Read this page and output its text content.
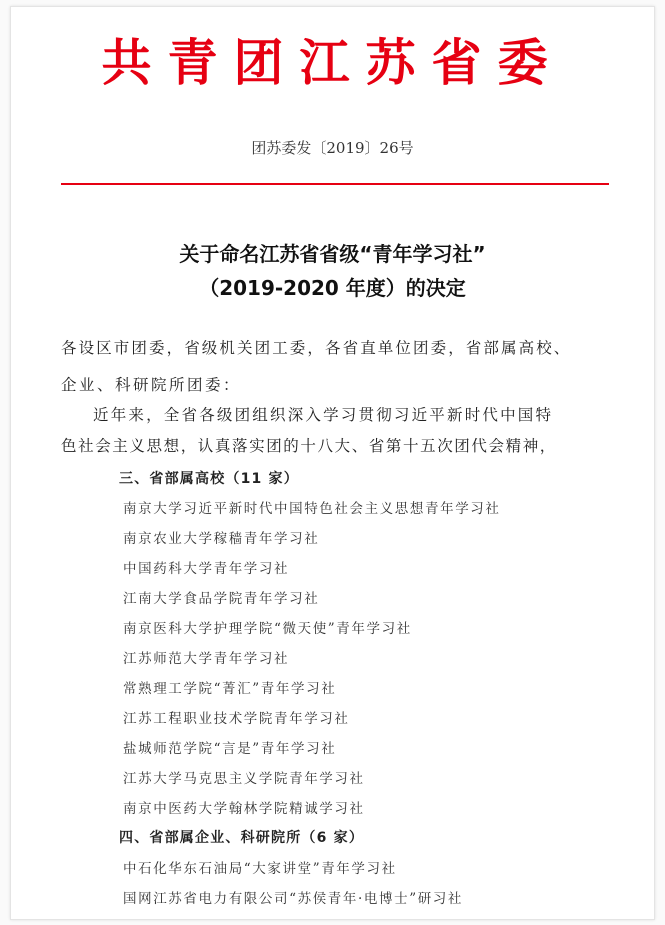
共青团江苏省委
团苏委发〔2019〕26号
关于命名江苏省省级“青年学习社”
（2019-2020 年度）的决定
各设区市团委，省级机关团工委，各省直单位团委，省部属高校、
企业、科研院所团委：
近年来，全省各级团组织深入学习贯彻习近平新时代中国特
色社会主义思想，认真落实团的十八大、省第十五次团代会精神，
三、省部属高校（11 家）
南京大学习近平新时代中国特色社会主义思想青年学习社
南京农业大学稼穑青年学习社
中国药科大学青年学习社
江南大学食品学院青年学习社
南京医科大学护理学院“微天使”青年学习社
江苏师范大学青年学习社
常熟理工学院“菁汇”青年学习社
江苏工程职业技术学院青年学习社
盐城师范学院“言是”青年学习社
江苏大学马克思主义学院青年学习社
南京中医药大学翰林学院精诚学习社
四、省部属企业、科研院所（6 家）
中石化华东石油局“大家讲堂”青年学习社
国网江苏省电力有限公司“苏侯青年·电博士”研习社
